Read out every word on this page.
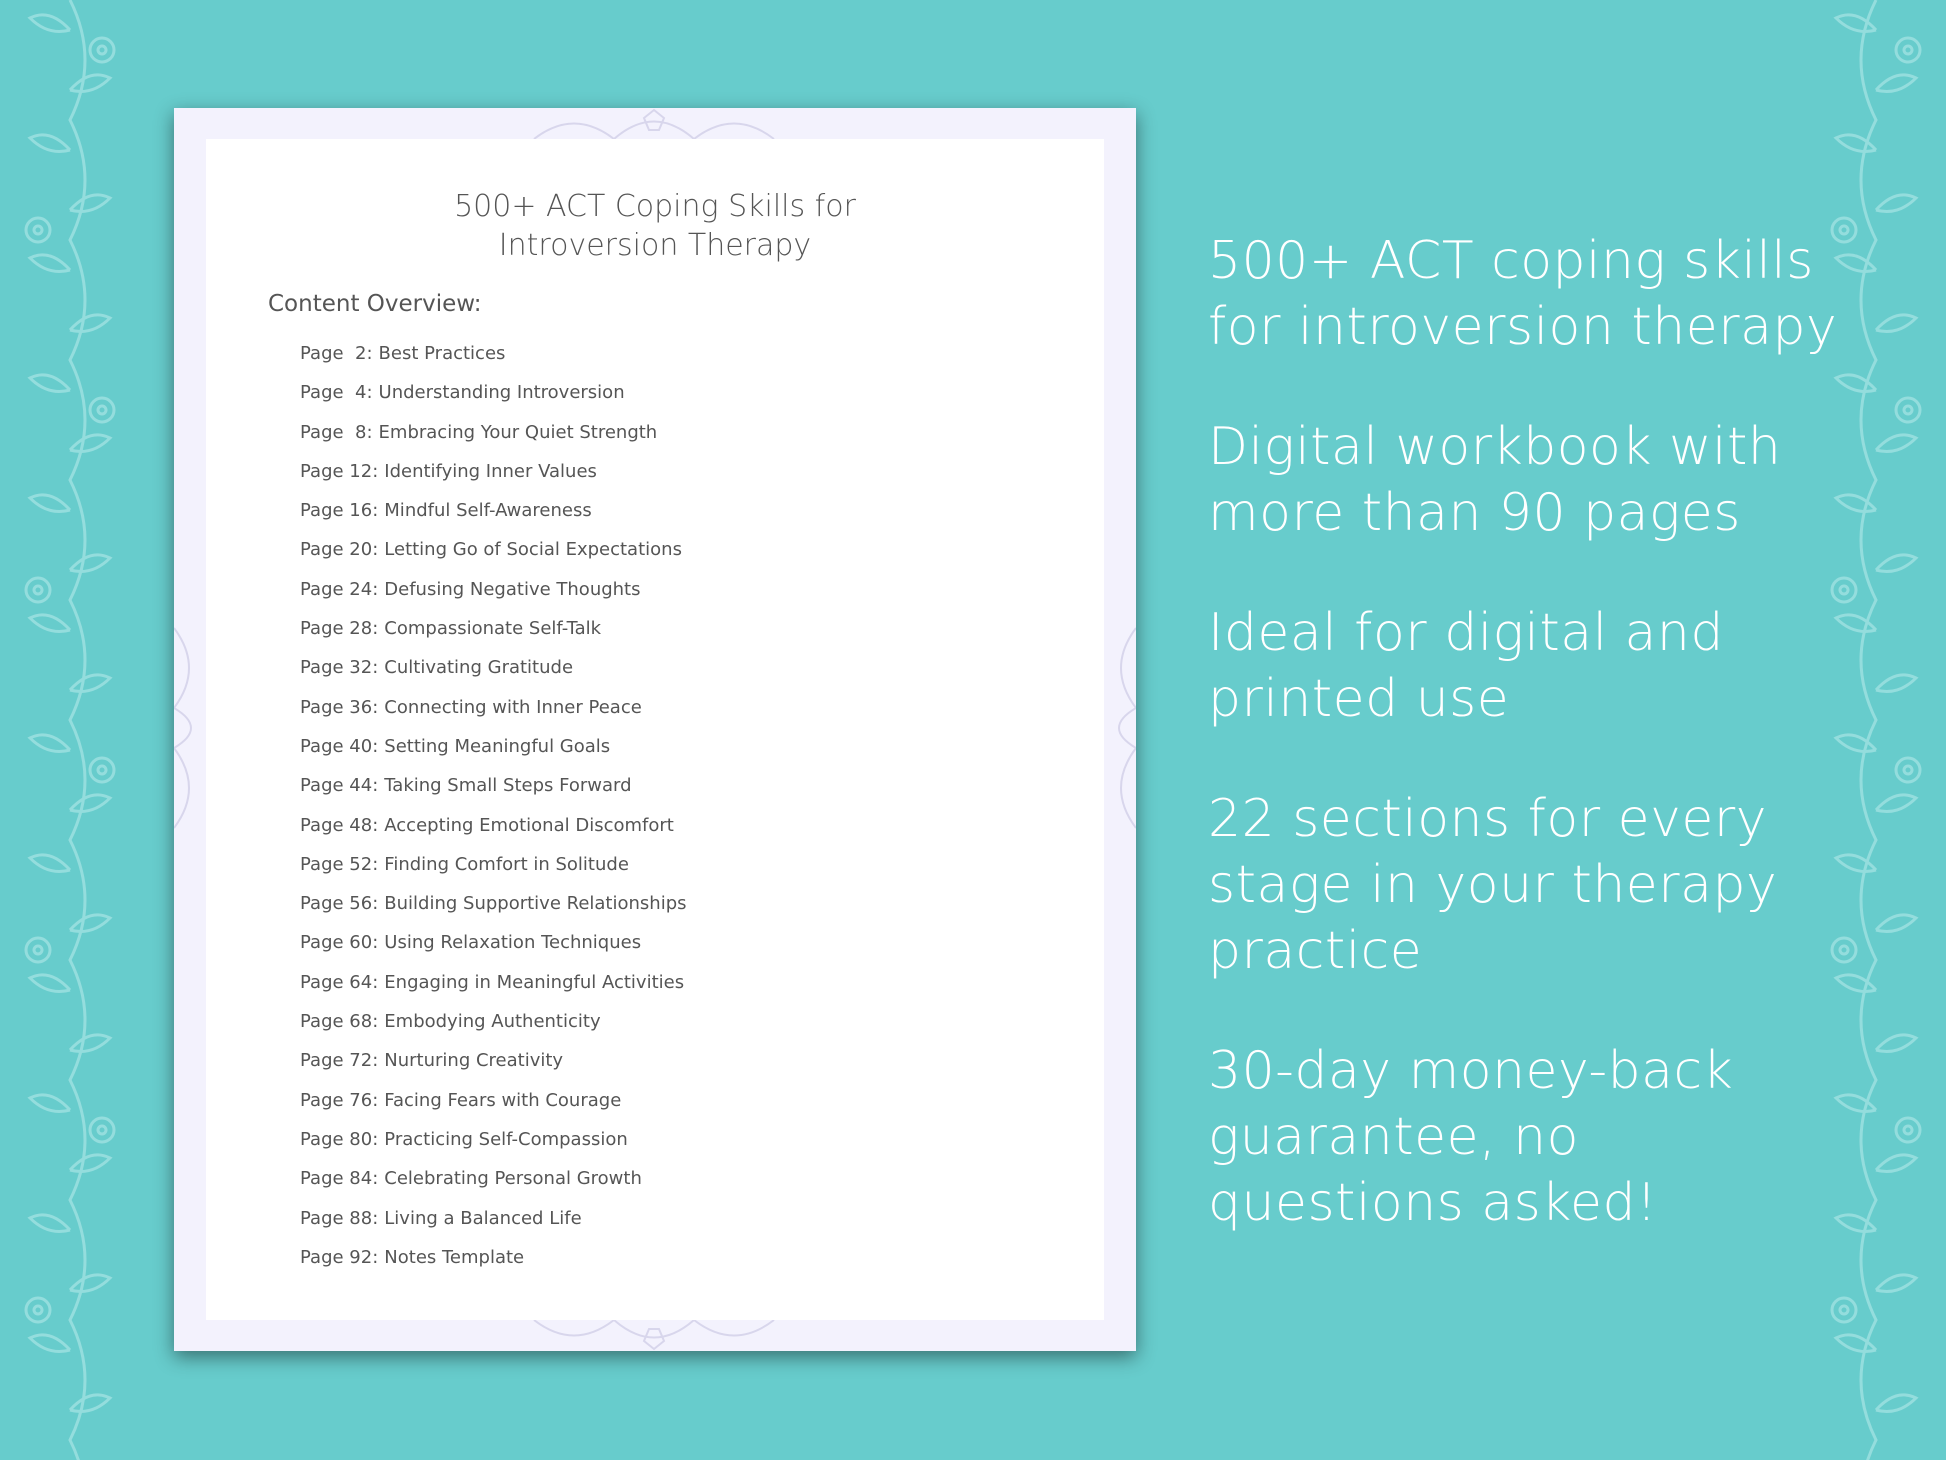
500+ ACT Coping Skills for
Introversion Therapy
Content Overview:
Page  2: Best Practices
Page  4: Understanding Introversion
Page  8: Embracing Your Quiet Strength
Page 12: Identifying Inner Values
Page 16: Mindful Self-Awareness
Page 20: Letting Go of Social Expectations
Page 24: Defusing Negative Thoughts
Page 28: Compassionate Self-Talk
Page 32: Cultivating Gratitude
Page 36: Connecting with Inner Peace
Page 40: Setting Meaningful Goals
Page 44: Taking Small Steps Forward
Page 48: Accepting Emotional Discomfort
Page 52: Finding Comfort in Solitude
Page 56: Building Supportive Relationships
Page 60: Using Relaxation Techniques
Page 64: Engaging in Meaningful Activities
Page 68: Embodying Authenticity
Page 72: Nurturing Creativity
Page 76: Facing Fears with Courage
Page 80: Practicing Self-Compassion
Page 84: Celebrating Personal Growth
Page 88: Living a Balanced Life
Page 92: Notes Template
500+ ACT coping skills
for introversion therapy
Digital workbook with
more than 90 pages
Ideal for digital and
printed use
22 sections for every
stage in your therapy
practice
30-day money-back
guarantee, no
questions asked!
